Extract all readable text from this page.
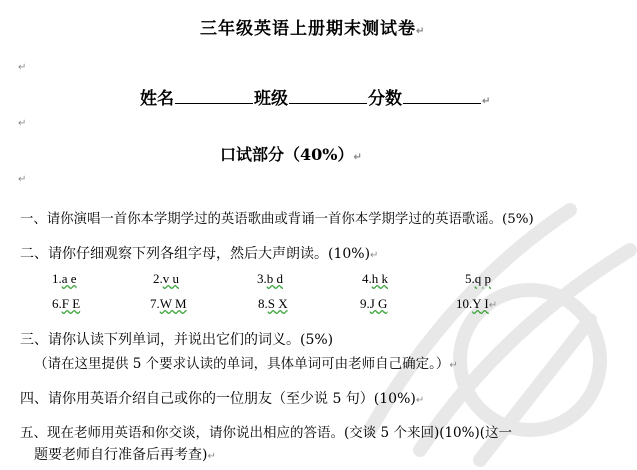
三年级英语上册期末测试卷↵
↵
姓名	班级	分数	↵
↵
口试部分（40%）↵
↵
一、请你演唱一首你本学期学过的英语歌曲或背诵一首你本学期学过的英语歌谣。(5%)
二、请你仔细观察下列各组字母，然后大声朗读。(10%)↵
1.a e	2.v u	3.b d	4.h k	5.q p
6.F E	7.W M	8.S X	9.J G	10.Y I↵
三、请你认读下列单词，并说出它们的词义。(5%)
（请在这里提供 5 个要求认读的单词，具体单词可由老师自己确定。）↵
四、请你用英语介绍自己或你的一位朋友（至少说 5 句）(10%)↵
五、现在老师用英语和你交谈，请你说出相应的答语。(交谈 5 个来回)(10%)(这一
题要老师自行准备后再考查)↵
